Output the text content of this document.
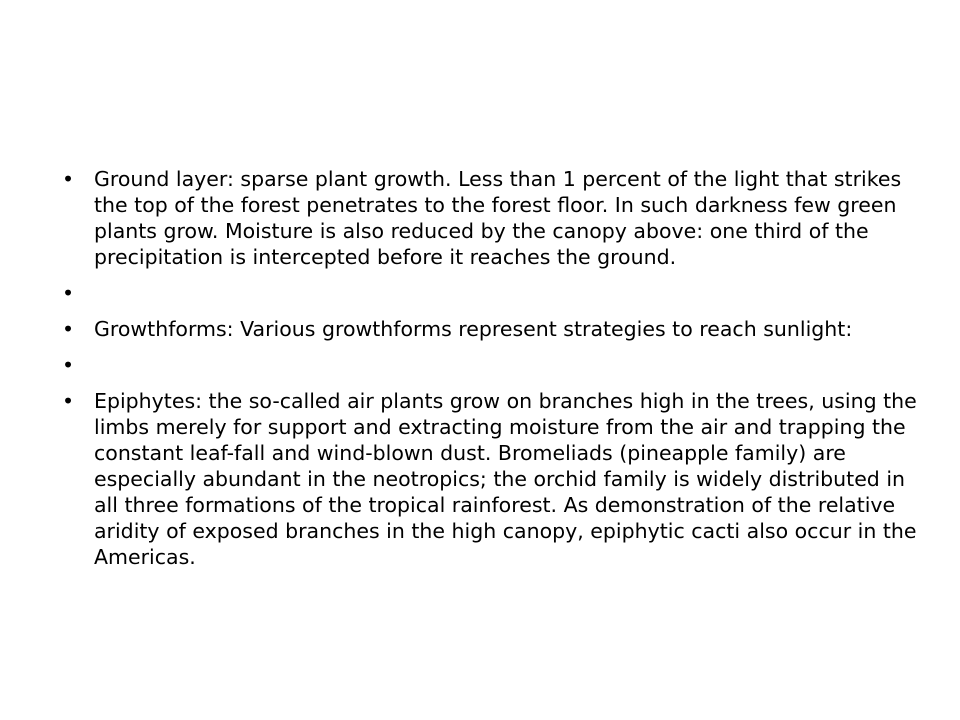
• Ground layer: sparse plant growth. Less than 1 percent of the light that strikes the top of the forest penetrates to the forest floor. In such darkness few green plants grow. Moisture is also reduced by the canopy above: one third of the precipitation is intercepted before it reaches the ground.
•
• Growthforms: Various growthforms represent strategies to reach sunlight:
•
• Epiphytes: the so-called air plants grow on branches high in the trees, using the limbs merely for support and extracting moisture from the air and trapping the constant leaf-fall and wind-blown dust. Bromeliads (pineapple family) are especially abundant in the neotropics; the orchid family is widely distributed in all three formations of the tropical rainforest. As demonstration of the relative aridity of exposed branches in the high canopy, epiphytic cacti also occur in the Americas.
